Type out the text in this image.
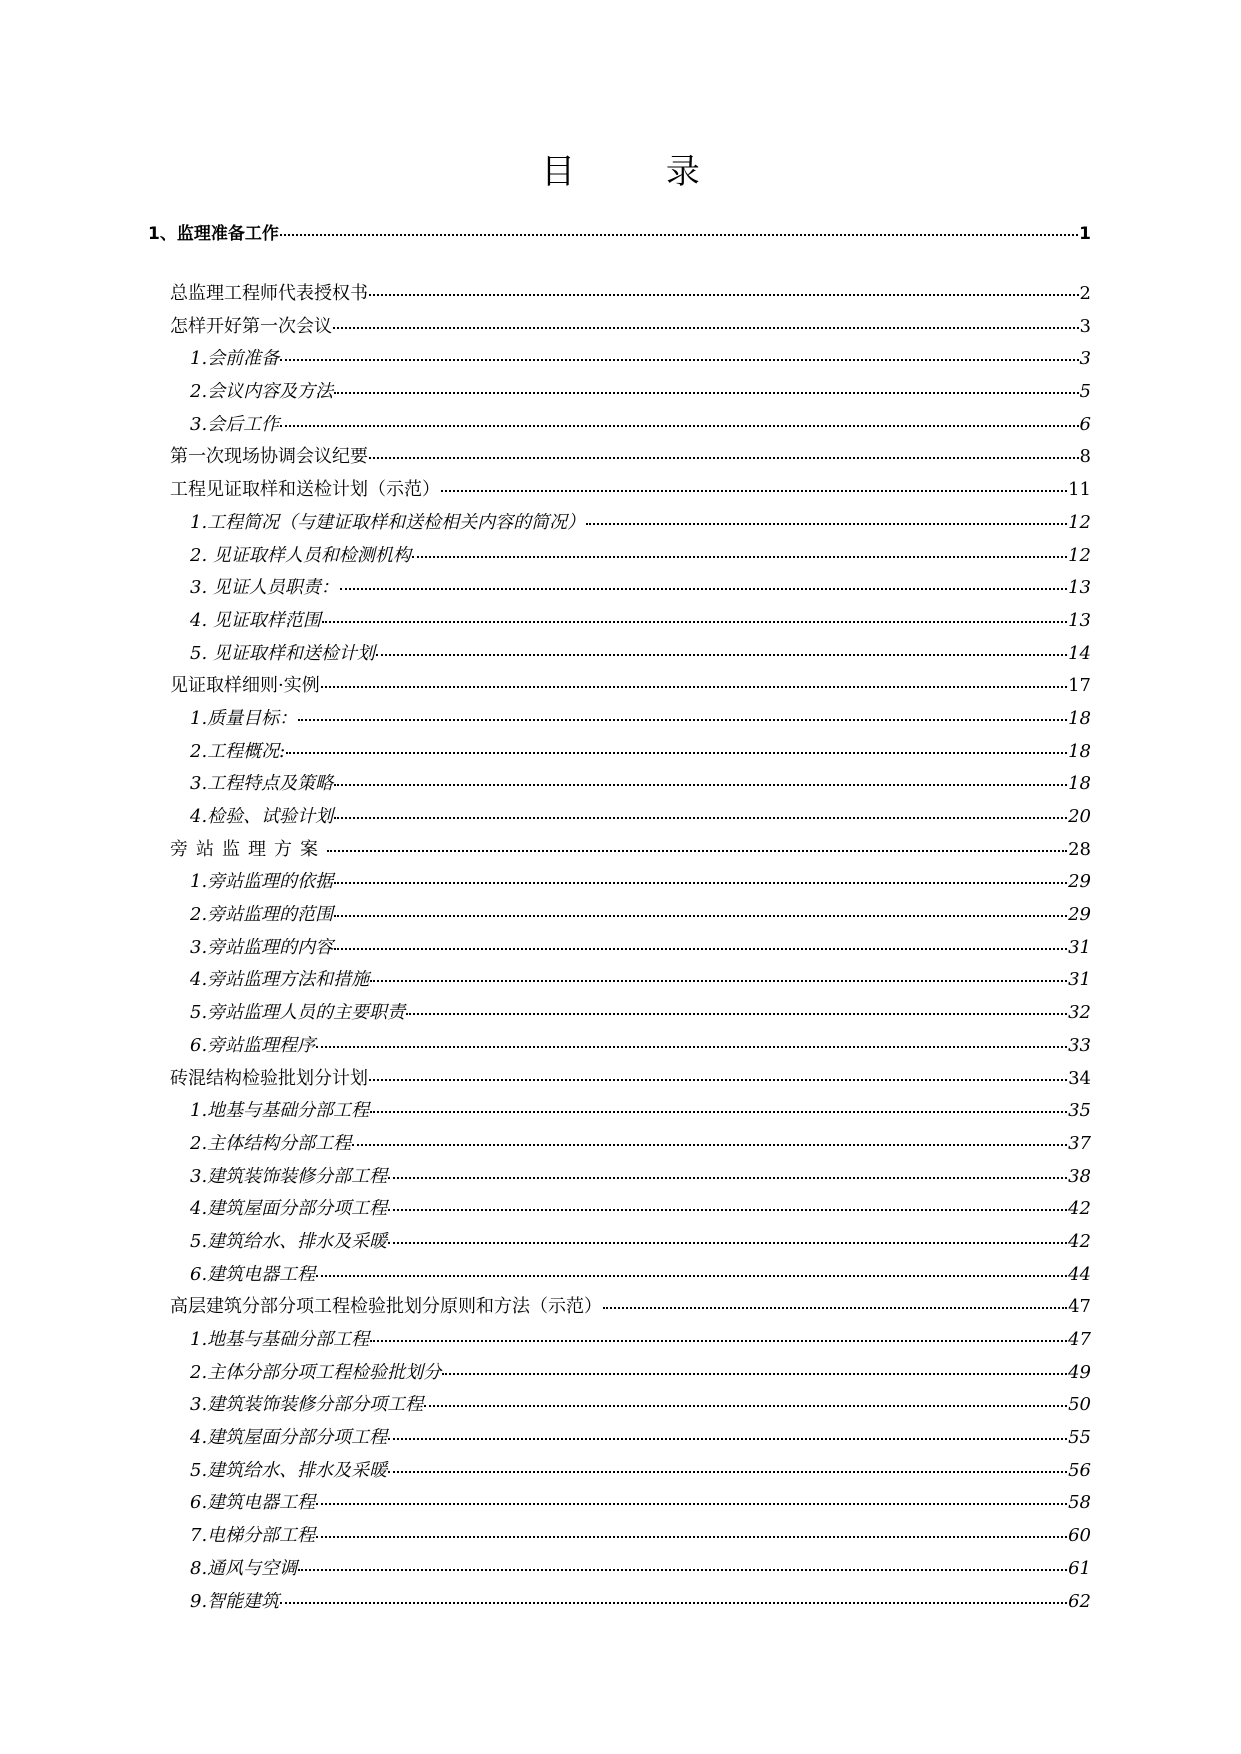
目 录
1、监理准备工作	1
总监理工程师代表授权书	2
怎样开好第一次会议	3
1.会前准备	3
2.会议内容及方法	5
3.会后工作	6
第一次现场协调会议纪要	8
工程见证取样和送检计划（示范）	11
1.工程简况（与建证取样和送检相关内容的简况）	12
2. 见证取样人员和检测机构	12
3. 见证人员职责：	13
4. 见证取样范围	13
5. 见证取样和送检计划	14
见证取样细则·实例	17
1.质量目标：	18
2.工程概况:	18
3.工程特点及策略	18
4.检验、试验计划	20
旁站监理方案	28
1.旁站监理的依据	29
2.旁站监理的范围	29
3.旁站监理的内容	31
4.旁站监理方法和措施	31
5.旁站监理人员的主要职责	32
6.旁站监理程序	33
砖混结构检验批划分计划	34
1.地基与基础分部工程	35
2.主体结构分部工程	37
3.建筑装饰装修分部工程	38
4.建筑屋面分部分项工程	42
5.建筑给水、排水及采暖	42
6.建筑电器工程	44
高层建筑分部分项工程检验批划分原则和方法（示范）	47
1.地基与基础分部工程	47
2.主体分部分项工程检验批划分	49
3.建筑装饰装修分部分项工程	50
4.建筑屋面分部分项工程	55
5.建筑给水、排水及采暖	56
6.建筑电器工程	58
7.电梯分部工程	60
8.通风与空调	61
9.智能建筑	62
